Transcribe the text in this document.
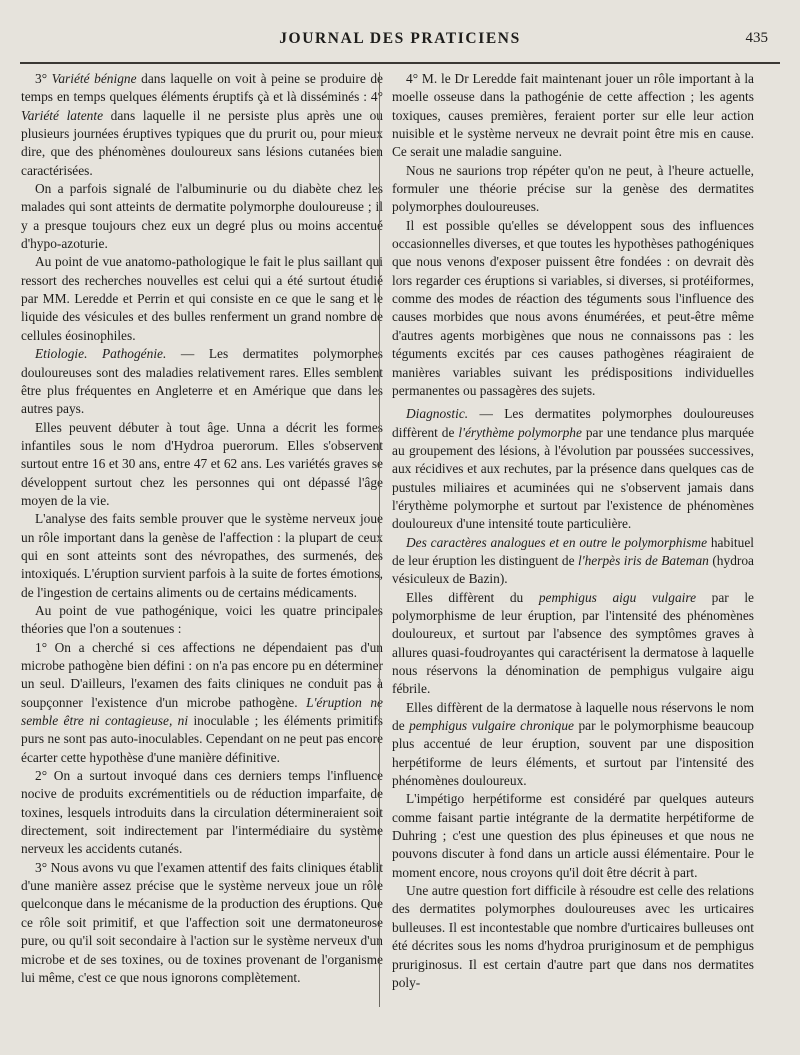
JOURNAL DES PRATICIENS	435

3° Variété bénigne dans laquelle on voit à peine se produire de temps en temps quelques éléments éruptifs çà et là disséminés : 4° Variété latente dans laquelle il ne persiste plus après une ou plusieurs journées éruptives typiques que du prurit ou, pour mieux dire, que des phénomènes douloureux sans lésions cutanées bien caractérisées.

On a parfois signalé de l'albuminurie ou du diabète chez les malades qui sont atteints de dermatite polymorphe douloureuse ; il y a presque toujours chez eux un degré plus ou moins accentué d'hypo-azoturie.

Au point de vue anatomo-pathologique le fait le plus saillant qui ressort des recherches nouvelles est celui qui a été surtout étudié par MM. Leredde et Perrin et qui consiste en ce que le sang et le liquide des vésicules et des bulles renferment un grand nombre de cellules éosinophiles.

Etiologie. Pathogénie. — Les dermatites polymorphes douloureuses sont des maladies relativement rares. Elles semblent être plus fréquentes en Angleterre et en Amérique que dans les autres pays.

Elles peuvent débuter à tout âge. Unna a décrit les formes infantiles sous le nom d'Hydroa puerorum. Elles s'observent surtout entre 16 et 30 ans, entre 47 et 62 ans. Les variétés graves se développent surtout chez les personnes qui ont dépassé l'âge moyen de la vie.

L'analyse des faits semble prouver que le système nerveux joue un rôle important dans la genèse de l'affection : la plupart de ceux qui en sont atteints sont des névropathes, des surmenés, des intoxiqués. L'éruption survient parfois à la suite de fortes émotions, de l'ingestion de certains aliments ou de certains médicaments.

Au point de vue pathogénique, voici les quatre principales théories que l'on a soutenues :

1° On a cherché si ces affections ne dépendaient pas d'un microbe pathogène bien défini : on n'a pas encore pu en déterminer un seul. D'ailleurs, l'examen des faits cliniques ne conduit pas à soupçonner l'existence d'un microbe pathogène. L'éruption ne semble être ni contagieuse, ni inoculable ; les éléments primitifs purs ne sont pas auto-inoculables. Cependant on ne peut pas encore écarter cette hypothèse d'une manière définitive.

2° On a surtout invoqué dans ces derniers temps l'influence nocive de produits excrémentitiels ou de réduction imparfaite, de toxines, lesquels introduits dans la circulation détermineraient soit directement, soit indirectement par l'intermédiaire du système nerveux les accidents cutanés.

3° Nous avons vu que l'examen attentif des faits cliniques établit d'une manière assez précise que le système nerveux joue un rôle quelconque dans le mécanisme de la production des éruptions. Que ce rôle soit primitif, et que l'affection soit une dermatoneurose pure, ou qu'il soit secondaire à l'action sur le système nerveux d'un microbe et de ses toxines, ou de toxines provenant de l'organisme lui même, c'est ce que nous ignorons complètement.

4° M. le Dr Leredde fait maintenant jouer un rôle important à la moelle osseuse dans la pathogénie de cette affection ; les agents toxiques, causes premières, feraient porter sur elle leur action nuisible et le système nerveux ne devrait point être mis en cause. Ce serait une maladie sanguine.

Nous ne saurions trop répéter qu'on ne peut, à l'heure actuelle, formuler une théorie précise sur la genèse des dermatites polymorphes douloureuses.

Il est possible qu'elles se développent sous des influences occasionnelles diverses, et que toutes les hypothèses pathogéniques que nous venons d'exposer puissent être fondées : on devrait dès lors regarder ces éruptions si variables, si diverses, si protéiformes, comme des modes de réaction des téguments sous l'influence des causes morbides que nous avons énumérées, et peut-être même d'autres agents morbigènes que nous ne connaissons pas : les téguments excités par ces causes pathogènes réagiraient de manières variables suivant les prédispositions individuelles permanentes ou passagères des sujets.

Diagnostic. — Les dermatites polymorphes douloureuses diffèrent de l'érythème polymorphe par une tendance plus marquée au groupement des lésions, à l'évolution par poussées successives, aux récidives et aux rechutes, par la présence dans quelques cas de pustules miliaires et acuminées qui ne s'observent jamais dans l'érythème polymorphe et surtout par l'existence de phénomènes douloureux d'une intensité toute particulière.

Des caractères analogues et en outre le polymorphisme habituel de leur éruption les distinguent de l'herpès iris de Bateman (hydroa vésiculeux de Bazin).

Elles diffèrent du pemphigus aigu vulgaire par le polymorphisme de leur éruption, par l'intensité des phénomènes douloureux, et surtout par l'absence des symptômes graves à allures quasi-foudroyantes qui caractérisent la dermatose à laquelle nous réservons la dénomination de pemphigus vulgaire aigu fébrile.

Elles diffèrent de la dermatose à laquelle nous réservons le nom de pemphigus vulgaire chronique par le polymorphisme beaucoup plus accentué de leur éruption, souvent par une disposition herpétiforme de leurs éléments, et surtout par l'intensité des phénomènes douloureux.

L'impétigo herpétiforme est considéré par quelques auteurs comme faisant partie intégrante de la dermatite herpétiforme de Duhring ; c'est une question des plus épineuses et que nous ne pouvons discuter à fond dans un article aussi élémentaire. Pour le moment encore, nous croyons qu'il doit être décrit à part.

Une autre question fort difficile à résoudre est celle des relations des dermatites polymorphes douloureuses avec les urticaires bulleuses. Il est incontestable que nombre d'urticaires bulleuses ont été décrites sous les noms d'hydroa pruriginosum et de pemphigus pruriginosus. Il est certain d'autre part que dans nos dermatites poly-
